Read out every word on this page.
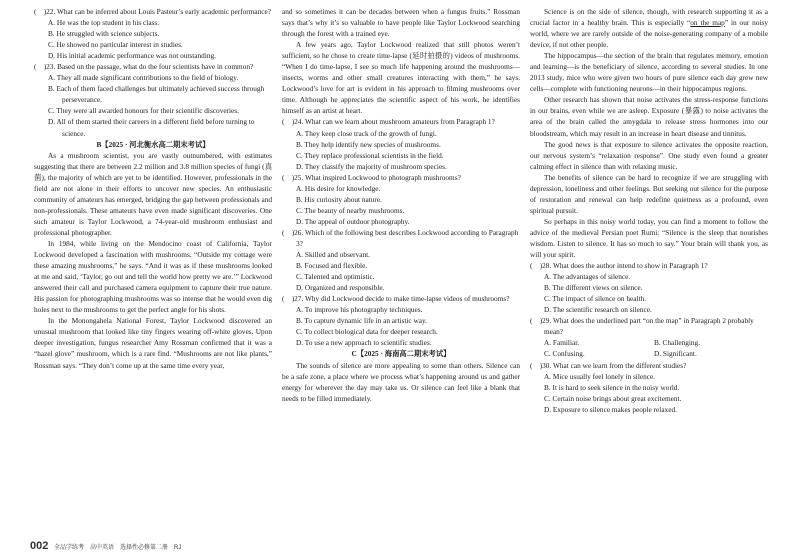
(　)22. What can be inferred about Louis Pasteur’s early academic performance?

A. He was the top student in his class.

B. He struggled with science subjects.

C. He showed no particular interest in studies.

D. His initial academic performance was not outstanding.

(　)23. Based on the passage, what do the four scientists have in common?

A. They all made significant contributions to the field of biology.

B. Each of them faced challenges but ultimately achieved success through perseverance.

C. They were all awarded honours for their scientific discoveries.

D. All of them started their careers in a different field before turning to science.

B【2025 · 河北衡水高二期末考试】

As a mushroom scientist, you are vastly outnumbered, with estimates suggesting that there are between 2.2 million and 3.8 million species of fungi (真菌), the majority of which are yet to be identified. However, professionals in the field are not alone in their efforts to uncover new species. An enthusiastic community of amateurs has emerged, bridging the gap between professionals and non-professionals. These amateurs have even made significant discoveries. One such amateur is Taylor Lockwood, a 74-year-old mushroom enthusiast and professional photographer.

In 1984, while living on the Mendocino coast of California, Taylor Lockwood developed a fascination with mushrooms. “Outside my cottage were these amazing mushrooms,” he says. “And it was as if these mushrooms looked at me and said, ‘Taylor, go out and tell the world how pretty we are.’” Lockwood answered their call and purchased camera equipment to capture their true nature. His passion for photographing mushrooms was so intense that he would even dig holes next to the mushrooms to get the perfect angle for his shots.

In the Monongahela National Forest, Taylor Lockwood discovered an unusual mushroom that looked like tiny fingers wearing off-white gloves. Upon deeper investigation, fungus researcher Amy Rossman confirmed that it was a “hazel glove” mushroom, which is a rare find. “Mushrooms are not like plants,” Rossman says. “They don’t come up at the same time every year,

and so sometimes it can be decades between when a fungus fruits.” Rossman says that’s why it’s so valuable to have people like Taylor Lockwood searching through the forest with a trained eye.

A few years ago, Taylor Lockwood realized that still photos weren’t sufficient, so he chose to create time-lapse (延时拍摄的) videos of mushrooms. “When I do time-lapse, I see so much life happening around the mushrooms—insects, worms and other small creatures interacting with them,” he says. Lockwood’s love for art is evident in his approach to filming mushrooms over time. Although he appreciates the scientific aspect of his work, he identifies himself as an artist at heart.

(　)24. What can we learn about mushroom amateurs from Paragraph 1?

A. They keep close track of the growth of fungi.

B. They help identify new species of mushrooms.

C. They replace professional scientists in the field.

D. They classify the majority of mushroom species.

(　)25. What inspired Lockwood to photograph mushrooms?

A. His desire for knowledge.

B. His curiosity about nature.

C. The beauty of nearby mushrooms.

D. The appeal of outdoor photography.

(　)26. Which of the following best describes Lockwood according to Paragraph 3?

A. Skilled and observant.

B. Focused and flexible.

C. Talented and optimistic.

D. Organized and responsible.

(　)27. Why did Lockwood decide to make time-lapse videos of mushrooms?

A. To improve his photography techniques.

B. To capture dynamic life in an artistic way.

C. To collect biological data for deeper research.

D. To use a new approach to scientific studies.

C【2025 · 海南高二期末考试】

The sounds of silence are more appealing to some than others. Silence can be a safe zone, a place where we process what’s happening around us and gather energy for wherever the day may take us. Or silence can feel like a blank that needs to be filled immediately.

Science is on the side of silence, though, with research supporting it as a crucial factor in a healthy brain. This is especially “on the map” in our noisy world, where we are rarely outside of the noise-generating company of a mobile device, if not other people.

The hippocampus—the section of the brain that regulates memory, emotion and learning—is the beneficiary of silence, according to several studies. In one 2013 study, mice who were given two hours of pure silence each day grew new cells—complete with functioning neurons—in their hippocampus regions.

Other research has shown that noise activates the stress-response functions in our brains, even while we are asleep. Exposure (暴露) to noise activates the area of the brain called the amygdala to release stress hormones into our bloodstream, which may result in an increase in heart disease and tinnitus.

The good news is that exposure to silence activates the opposite reaction, our nervous system’s “relaxation response”. One study even found a greater calming effect in silence than with relaxing music.

The benefits of silence can be hard to recognize if we are struggling with depression, loneliness and other feelings. But seeking out silence for the purpose of restoration and renewal can help redefine quietness as a profound, even spiritual pursuit.

So perhaps in this noisy world today, you can find a moment to follow the advice of the medieval Persian poet Rumi: “Silence is the sleep that nourishes wisdom. Listen to silence. It has so much to say.” Your brain will thank you, as will your spirit.

(　)28. What does the author intend to show in Paragraph 1?

A. The advantages of silence.

B. The different views on silence.

C. The impact of silence on health.

D. The scientific research on silence.

(　)29. What does the underlined part “on the map” in Paragraph 2 probably mean?

A. Familiar.	B. Challenging.
C. Confusing.	D. Significant.

(　)30. What can we learn from the different studies?

A. Mice usually feel lonely in silence.

B. It is hard to seek silence in the noisy world.

C. Certain noise brings about great excitement.

D. Exposure to silence makes people relaxed.

002 全品学练考　高中英语　选择性必修第二册　RJ
